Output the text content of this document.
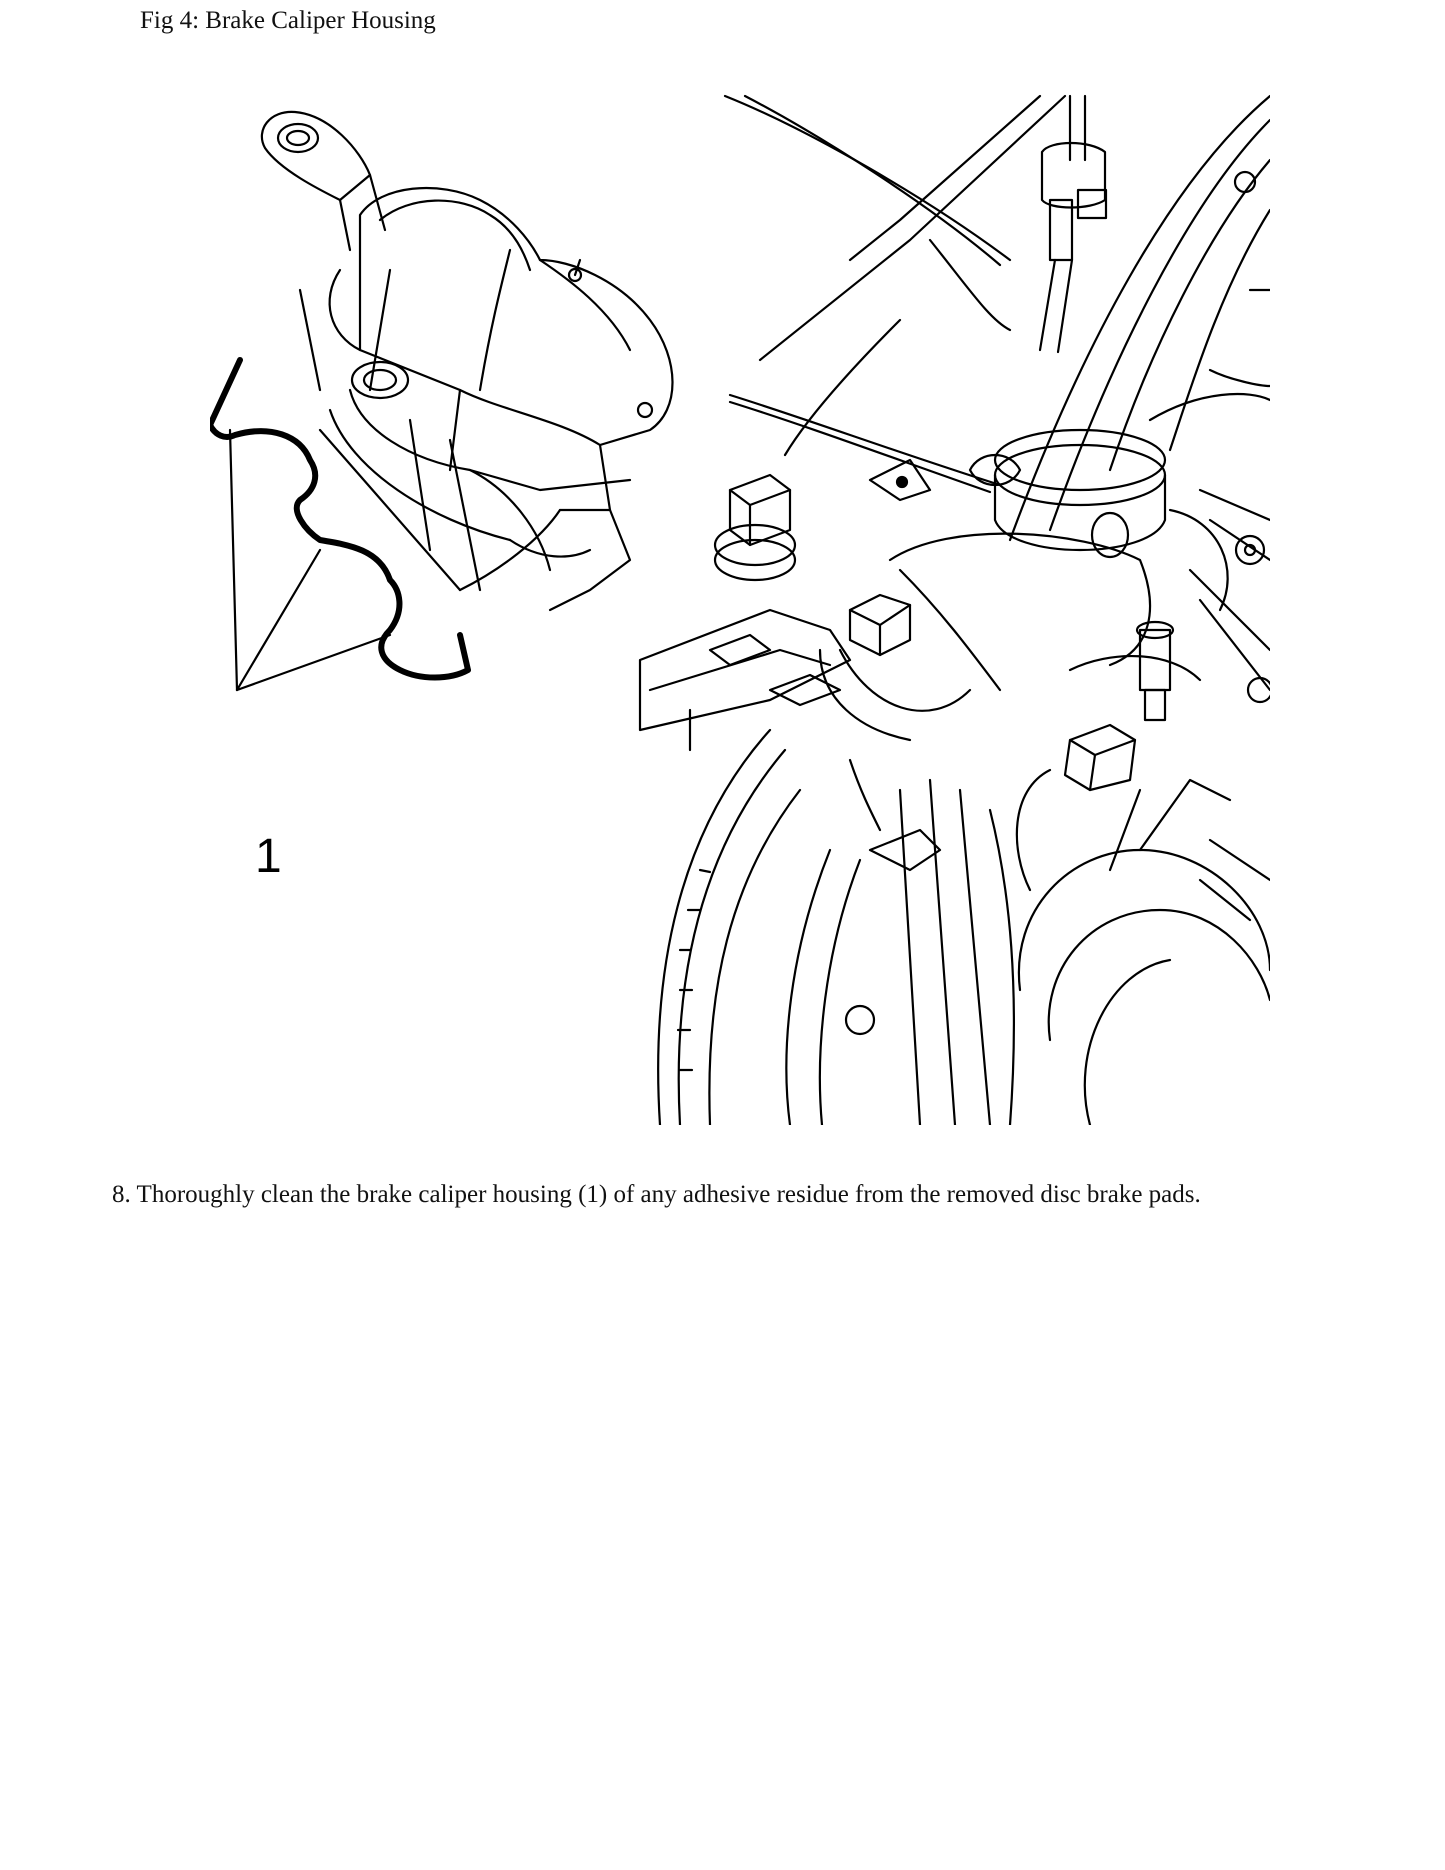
Fig 4: Brake Caliper Housing
1
8. Thoroughly clean the brake caliper housing (1) of any adhesive residue from the removed disc brake pads.
